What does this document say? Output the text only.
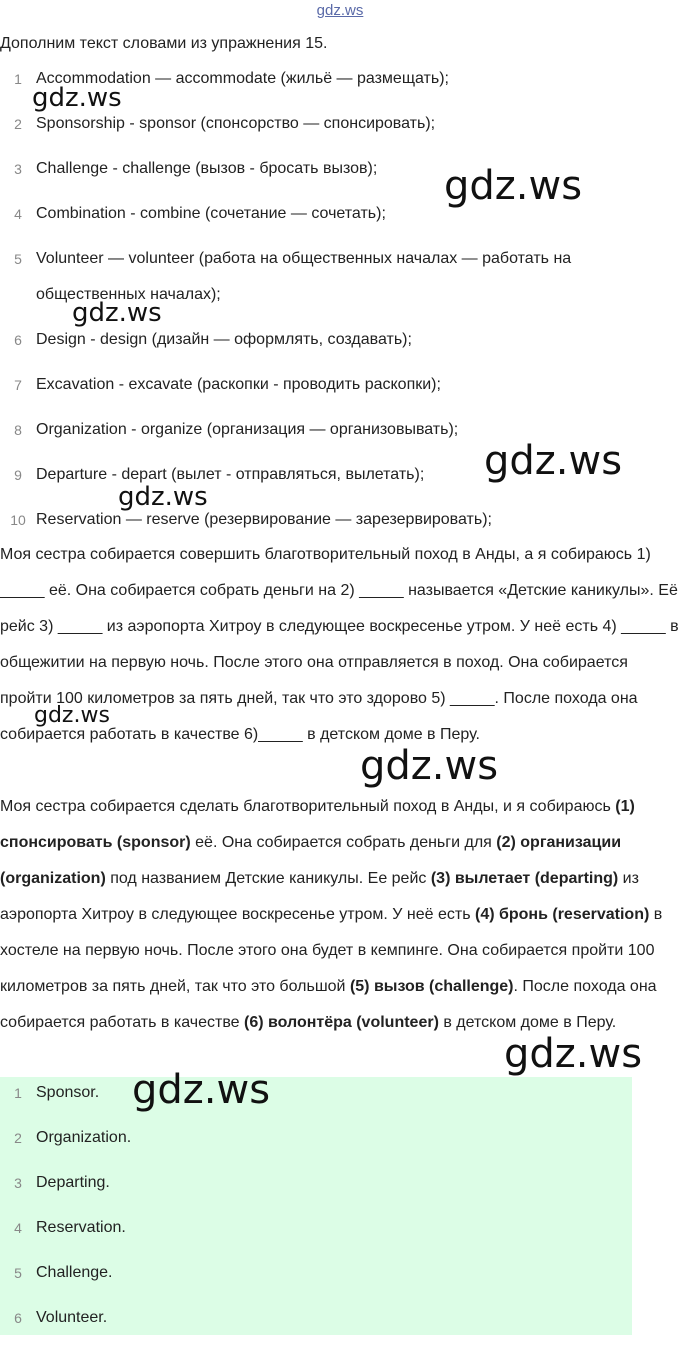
gdz.ws
Дополним текст словами из упражнения 15.
1 Accommodation — accommodate (жильё — размещать);
2 Sponsorship - sponsor (спонсорство — спонсировать);
3 Challenge - challenge (вызов - бросать вызов);
4 Combination - combine (сочетание — сочетать);
5 Volunteer — volunteer (работа на общественных началах — работать на общественных началах);
6 Design - design (дизайн — оформлять, создавать);
7 Excavation - excavate (раскопки - проводить раскопки);
8 Organization - organize (организация — организовывать);
9 Departure - depart (вылет - отправляться, вылетать);
10 Reservation — reserve (резервирование — зарезервировать);
Моя сестра собирается совершить благотворительный поход в Анды, а я собираюсь 1) _____ её. Она собирается собрать деньги на 2) _____ называется «Детские каникулы». Её рейс 3) _____ из аэропорта Хитроу в следующее воскресенье утром. У неё есть 4) _____ в общежитии на первую ночь. После этого она отправляется в поход. Она собирается пройти 100 километров за пять дней, так что это здорово 5) _____. После похода она собирается работать в качестве 6)_____ в детском доме в Перу.
Моя сестра собирается сделать благотворительный поход в Анды, и я собираюсь (1) спонсировать (sponsor) её. Она собирается собрать деньги для (2) организации (organization) под названием Детские каникулы. Ее рейс (3) вылетает (departing) из аэропорта Хитроу в следующее воскресенье утром. У неё есть (4) бронь (reservation) в хостеле на первую ночь. После этого она будет в кемпинге. Она собирается пройти 100 километров за пять дней, так что это большой (5) вызов (challenge). После похода она собирается работать в качестве (6) волонтёра (volunteer) в детском доме в Перу.
1 Sponsor.
2 Organization.
3 Departing.
4 Reservation.
5 Challenge.
6 Volunteer.
gdz.ws
gdz.ws
gdz.ws
gdz.ws
gdz.ws
gdz.ws
gdz.ws
gdz.ws
gdz.ws
